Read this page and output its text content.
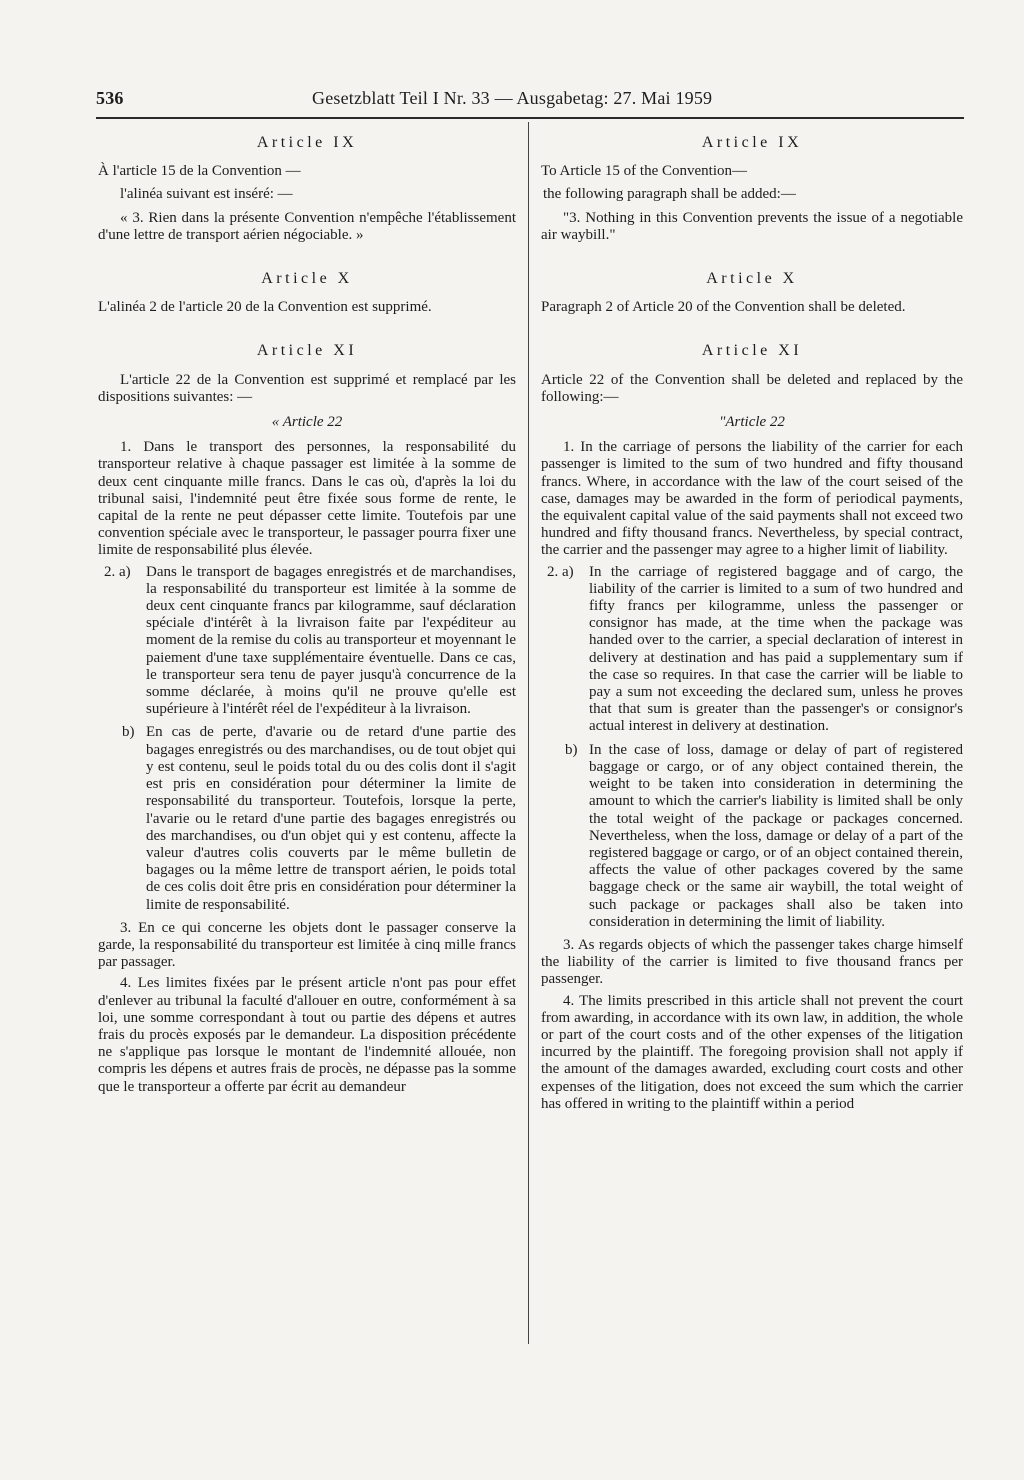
536	Gesetzblatt Teil I Nr. 33 — Ausgabetag: 27. Mai 1959
Article IX
À l'article 15 de la Convention —
l'alinéa suivant est inséré: —
« 3. Rien dans la présente Convention n'empêche l'établissement d'une lettre de transport aérien négociable. »
Article X
L'alinéa 2 de l'article 20 de la Convention est supprimé.
Article XI
L'article 22 de la Convention est supprimé et remplacé par les dispositions suivantes: —
« Article 22
1. Dans le transport des personnes, la responsabilité du transporteur relative à chaque passager est limitée à la somme de deux cent cinquante mille francs. Dans le cas où, d'après la loi du tribunal saisi, l'indemnité peut être fixée sous forme de rente, le capital de la rente ne peut dépasser cette limite. Toutefois par une convention spéciale avec le transporteur, le passager pourra fixer une limite de responsabilité plus élevée.
2. a)	Dans le transport de bagages enregistrés et de marchandises, la responsabilité du transporteur est limitée à la somme de deux cent cinquante francs par kilogramme, sauf déclaration spéciale d'intérêt à la livraison faite par l'expéditeur au moment de la remise du colis au transporteur et moyennant le paiement d'une taxe supplémentaire éventuelle. Dans ce cas, le transporteur sera tenu de payer jusqu'à concurrence de la somme déclarée, à moins qu'il ne prouve qu'elle est supérieure à l'intérêt réel de l'expéditeur à la livraison.
b) En cas de perte, d'avarie ou de retard d'une partie des bagages enregistrés ou des marchandises, ou de tout objet qui y est contenu, seul le poids total du ou des colis dont il s'agit est pris en considération pour déterminer la limite de responsabilité du transporteur. Toutefois, lorsque la perte, l'avarie ou le retard d'une partie des bagages enregistrés ou des marchandises, ou d'un objet qui y est contenu, affecte la valeur d'autres colis couverts par le même bulletin de bagages ou la même lettre de transport aérien, le poids total de ces colis doit être pris en considération pour déterminer la limite de responsabilité.
3. En ce qui concerne les objets dont le passager conserve la garde, la responsabilité du transporteur est limitée à cinq mille francs par passager.
4. Les limites fixées par le présent article n'ont pas pour effet d'enlever au tribunal la faculté d'allouer en outre, conformément à sa loi, une somme correspondant à tout ou partie des dépens et autres frais du procès exposés par le demandeur. La disposition précédente ne s'applique pas lorsque le montant de l'indemnité allouée, non compris les dépens et autres frais de procès, ne dépasse pas la somme que le transporteur a offerte par écrit au demandeur
Article IX
To Article 15 of the Convention—
the following paragraph shall be added:—
"3. Nothing in this Convention prevents the issue of a negotiable air waybill."
Article X
Paragraph 2 of Article 20 of the Convention shall be deleted.
Article XI
Article 22 of the Convention shall be deleted and replaced by the following:—
"Article 22
1. In the carriage of persons the liability of the carrier for each passenger is limited to the sum of two hundred and fifty thousand francs. Where, in accordance with the law of the court seised of the case, damages may be awarded in the form of periodical payments, the equivalent capital value of the said payments shall not exceed two hundred and fifty thousand francs. Nevertheless, by special contract, the carrier and the passenger may agree to a higher limit of liability.
2. a)	In the carriage of registered baggage and of cargo, the liability of the carrier is limited to a sum of two hundred and fifty francs per kilogramme, unless the passenger or consignor has made, at the time when the package was handed over to the carrier, a special declaration of interest in delivery at destination and has paid a supplementary sum if the case so requires. In that case the carrier will be liable to pay a sum not exceeding the declared sum, unless he proves that that sum is greater than the passenger's or consignor's actual interest in delivery at destination.
b) In the case of loss, damage or delay of part of registered baggage or cargo, or of any object contained therein, the weight to be taken into consideration in determining the amount to which the carrier's liability is limited shall be only the total weight of the package or packages concerned. Nevertheless, when the loss, damage or delay of a part of the registered baggage or cargo, or of an object contained therein, affects the value of other packages covered by the same baggage check or the same air waybill, the total weight of such package or packages shall also be taken into consideration in determining the limit of liability.
3. As regards objects of which the passenger takes charge himself the liability of the carrier is limited to five thousand francs per passenger.
4. The limits prescribed in this article shall not prevent the court from awarding, in accordance with its own law, in addition, the whole or part of the court costs and of the other expenses of the litigation incurred by the plaintiff. The foregoing provision shall not apply if the amount of the damages awarded, excluding court costs and other expenses of the litigation, does not exceed the sum which the carrier has offered in writing to the plaintiff within a period
